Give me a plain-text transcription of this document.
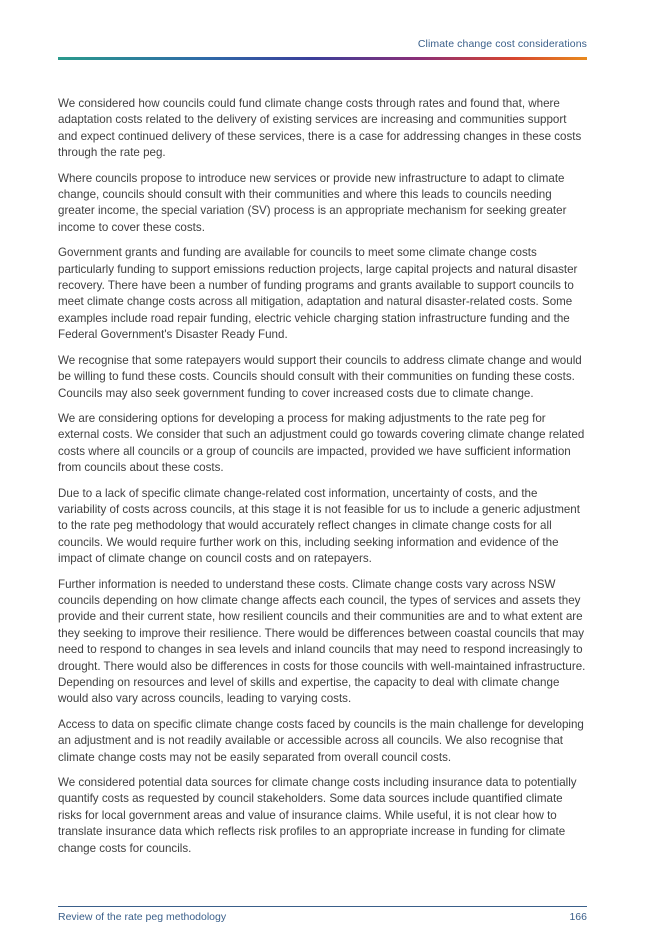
Climate change cost considerations

We considered how councils could fund climate change costs through rates and found that, where adaptation costs related to the delivery of existing services are increasing and communities support and expect continued delivery of these services, there is a case for addressing changes in these costs through the rate peg.

Where councils propose to introduce new services or provide new infrastructure to adapt to climate change, councils should consult with their communities and where this leads to councils needing greater income, the special variation (SV) process is an appropriate mechanism for seeking greater income to cover these costs.

Government grants and funding are available for councils to meet some climate change costs particularly funding to support emissions reduction projects, large capital projects and natural disaster recovery. There have been a number of funding programs and grants available to support councils to meet climate change costs across all mitigation, adaptation and natural disaster-related costs. Some examples include road repair funding, electric vehicle charging station infrastructure funding and the Federal Government's Disaster Ready Fund.

We recognise that some ratepayers would support their councils to address climate change and would be willing to fund these costs. Councils should consult with their communities on funding these costs. Councils may also seek government funding to cover increased costs due to climate change.

We are considering options for developing a process for making adjustments to the rate peg for external costs. We consider that such an adjustment could go towards covering climate change related costs where all councils or a group of councils are impacted, provided we have sufficient information from councils about these costs.

Due to a lack of specific climate change-related cost information, uncertainty of costs, and the variability of costs across councils, at this stage it is not feasible for us to include a generic adjustment to the rate peg methodology that would accurately reflect changes in climate change costs for all councils. We would require further work on this, including seeking information and evidence of the impact of climate change on council costs and on ratepayers.

Further information is needed to understand these costs. Climate change costs vary across NSW councils depending on how climate change affects each council, the types of services and assets they provide and their current state, how resilient councils and their communities are and to what extent are they seeking to improve their resilience. There would be differences between coastal councils that may need to respond to changes in sea levels and inland councils that may need to respond increasingly to drought. There would also be differences in costs for those councils with well-maintained infrastructure. Depending on resources and level of skills and expertise, the capacity to deal with climate change would also vary across councils, leading to varying costs.

Access to data on specific climate change costs faced by councils is the main challenge for developing an adjustment and is not readily available or accessible across all councils. We also recognise that climate change costs may not be easily separated from overall council costs.

We considered potential data sources for climate change costs including insurance data to potentially quantify costs as requested by council stakeholders. Some data sources include quantified climate risks for local government areas and value of insurance claims. While useful, it is not clear how to translate insurance data which reflects risk profiles to an appropriate increase in funding for climate change costs for councils.

Review of the rate peg methodology	166
